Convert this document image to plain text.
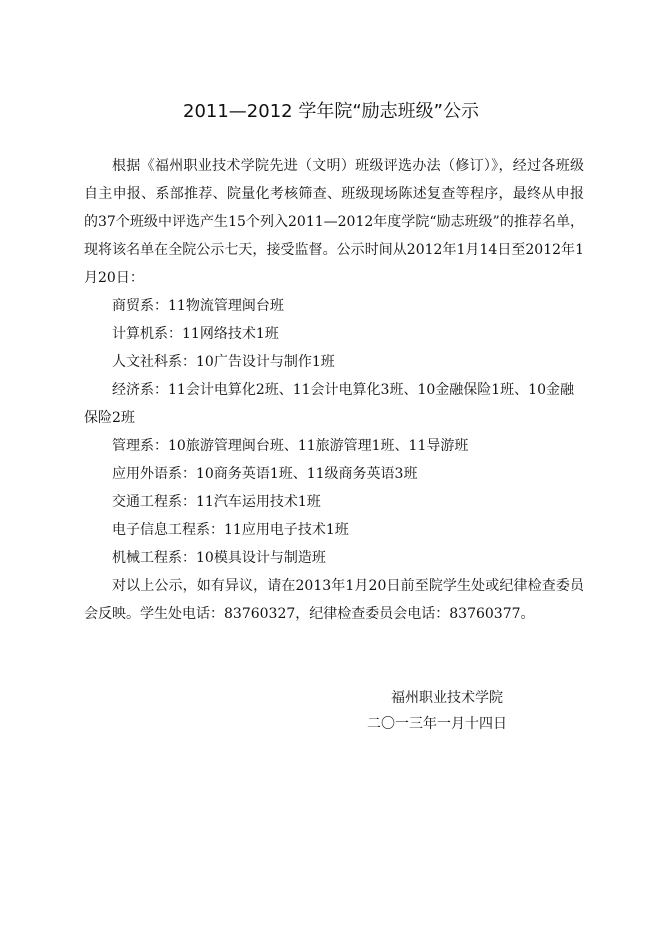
2011—2012 学年院“励志班级”公示

根据《福州职业技术学院先进（文明）班级评选办法（修订）》，经过各班级自主申报、系部推荐、院量化考核筛查、班级现场陈述复查等程序，最终从申报的37个班级中评选产生15个列入2011—2012年度学院“励志班级”的推荐名单，现将该名单在全院公示七天，接受监督。公示时间从2012年1月14日至2012年1月20日：

商贸系：11物流管理闽台班

计算机系：11网络技术1班

人文社科系：10广告设计与制作1班

经济系：11会计电算化2班、11会计电算化3班、10金融保险1班、10金融保险2班

管理系：10旅游管理闽台班、11旅游管理1班、11导游班

应用外语系：10商务英语1班、11级商务英语3班

交通工程系：11汽车运用技术1班

电子信息工程系：11应用电子技术1班

机械工程系：10模具设计与制造班

对以上公示，如有异议，请在2013年1月20日前至院学生处或纪律检查委员会反映。学生处电话：83760327，纪律检查委员会电话：83760377。

福州职业技术学院
二〇一三年一月十四日
